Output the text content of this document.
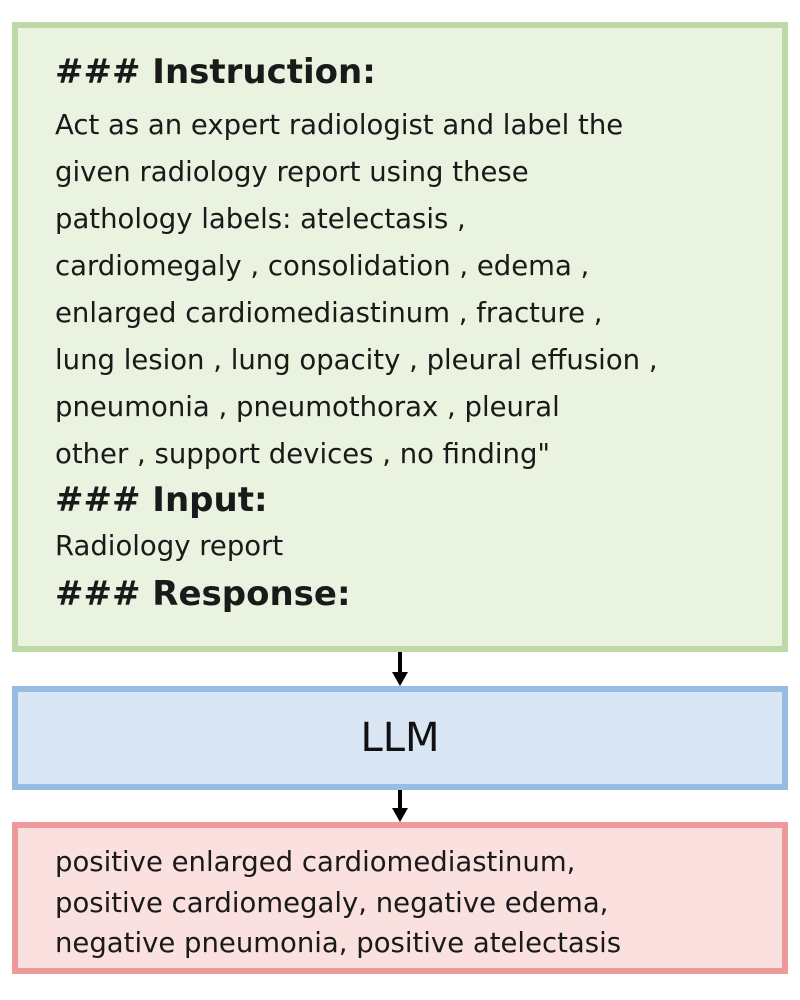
### Instruction:
Act as an expert radiologist and label the
given radiology report using these
pathology labels: atelectasis ,
cardiomegaly , consolidation , edema ,
enlarged cardiomediastinum , fracture ,
lung lesion , lung opacity , pleural effusion ,
pneumonia , pneumothorax , pleural
other , support devices , no finding"
### Input:
Radiology report
### Response:
LLM
positive enlarged cardiomediastinum,
positive cardiomegaly, negative edema,
negative pneumonia, positive atelectasis
